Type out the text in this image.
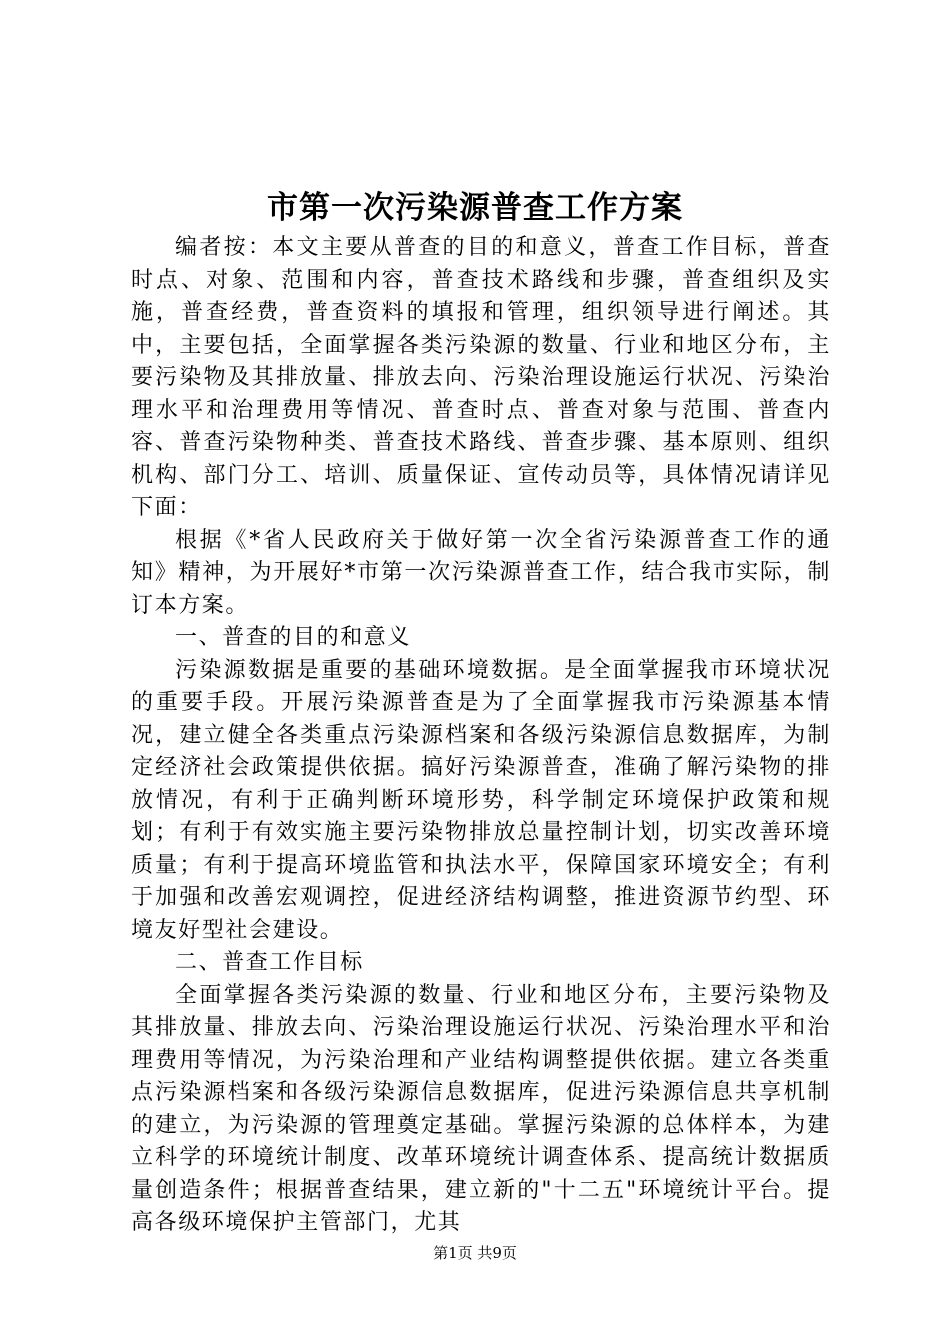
市第一次污染源普查工作方案

编者按：本文主要从普查的目的和意义，普查工作目标，普查时点、对象、范围和内容，普查技术路线和步骤，普查组织及实施，普查经费，普查资料的填报和管理，组织领导进行阐述。其中，主要包括，全面掌握各类污染源的数量、行业和地区分布，主要污染物及其排放量、排放去向、污染治理设施运行状况、污染治理水平和治理费用等情况、普查时点、普查对象与范围、普查内容、普查污染物种类、普查技术路线、普查步骤、基本原则、组织机构、部门分工、培训、质量保证、宣传动员等，具体情况请详见下面：

根据《*省人民政府关于做好第一次全省污染源普查工作的通知》精神，为开展好*市第一次污染源普查工作，结合我市实际，制订本方案。

一、普查的目的和意义

污染源数据是重要的基础环境数据。是全面掌握我市环境状况的重要手段。开展污染源普查是为了全面掌握我市污染源基本情况，建立健全各类重点污染源档案和各级污染源信息数据库，为制定经济社会政策提供依据。搞好污染源普查，准确了解污染物的排放情况，有利于正确判断环境形势，科学制定环境保护政策和规划；有利于有效实施主要污染物排放总量控制计划，切实改善环境质量；有利于提高环境监管和执法水平，保障国家环境安全；有利于加强和改善宏观调控，促进经济结构调整，推进资源节约型、环境友好型社会建设。

二、普查工作目标

全面掌握各类污染源的数量、行业和地区分布，主要污染物及其排放量、排放去向、污染治理设施运行状况、污染治理水平和治理费用等情况，为污染治理和产业结构调整提供依据。建立各类重点污染源档案和各级污染源信息数据库，促进污染源信息共享机制的建立，为污染源的管理奠定基础。掌握污染源的总体样本，为建立科学的环境统计制度、改革环境统计调查体系、提高统计数据质量创造条件；根据普查结果，建立新的"十二五"环境统计平台。提高各级环境保护主管部门，尤其

第1页 共9页
